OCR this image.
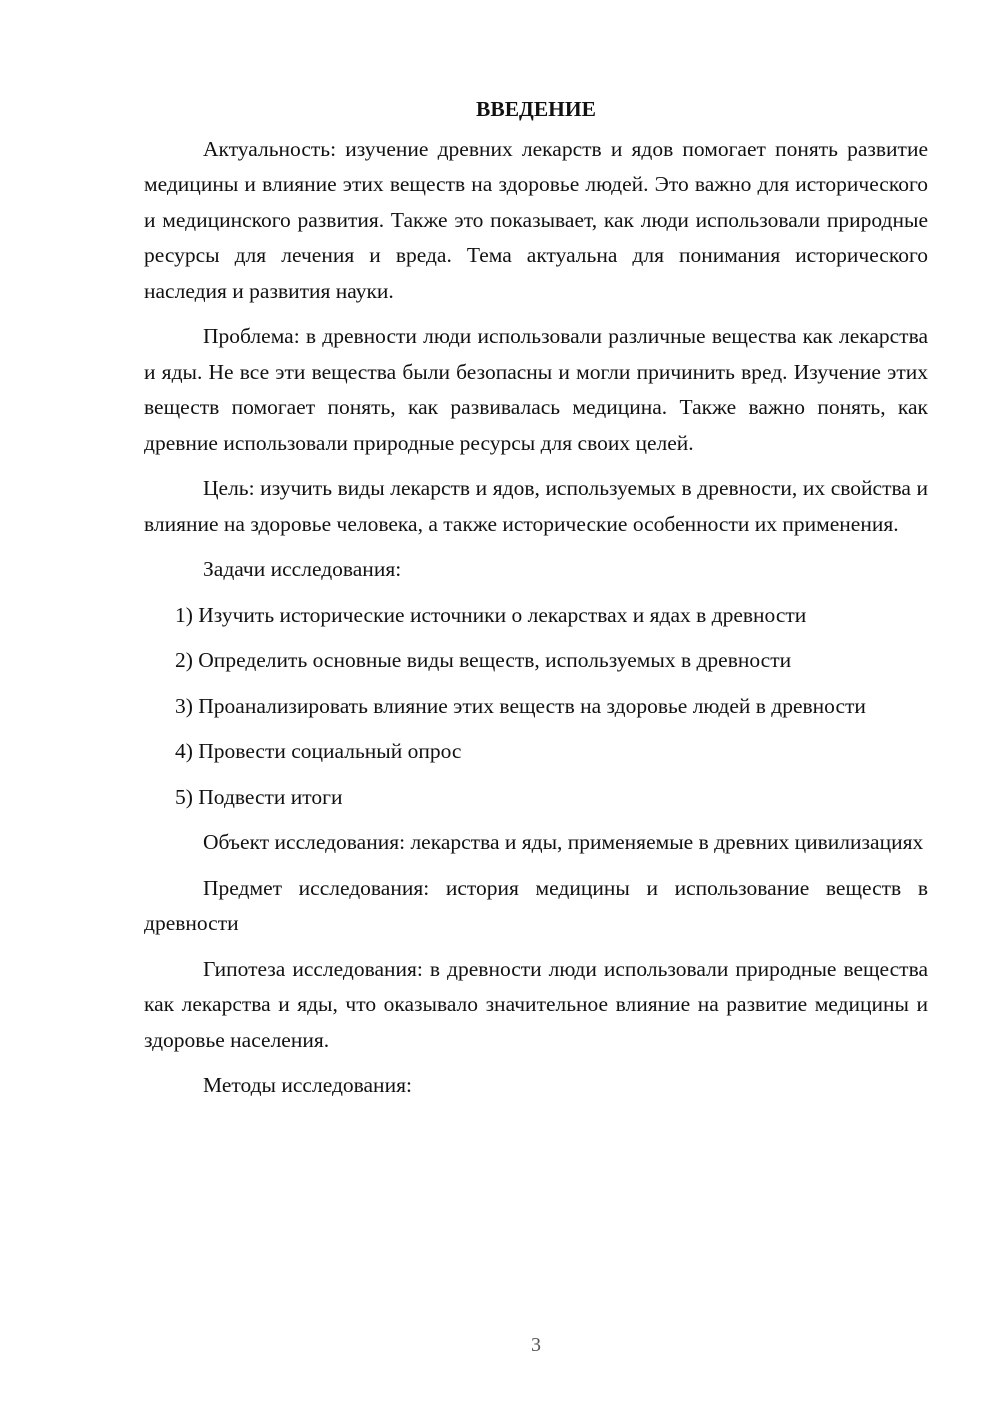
ВВЕДЕНИЕ

Актуальность: изучение древних лекарств и ядов помогает понять развитие медицины и влияние этих веществ на здоровье людей. Это важно для исторического и медицинского развития. Также это показывает, как люди использовали природные ресурсы для лечения и вреда. Тема актуальна для понимания исторического наследия и развития науки.

Проблема: в древности люди использовали различные вещества как лекарства и яды. Не все эти вещества были безопасны и могли причинить вред. Изучение этих веществ помогает понять, как развивалась медицина. Также важно понять, как древние использовали природные ресурсы для своих целей.

Цель: изучить виды лекарств и ядов, используемых в древности, их свойства и влияние на здоровье человека, а также исторические особенности их применения.

Задачи исследования:

1) Изучить исторические источники о лекарствах и ядах в древности

2) Определить основные виды веществ, используемых в древности

3) Проанализировать влияние этих веществ на здоровье людей в древности

4) Провести социальный опрос

5) Подвести итоги

Объект исследования: лекарства и яды, применяемые в древних цивилизациях

Предмет исследования: история медицины и использование веществ в древности

Гипотеза исследования: в древности люди использовали природные вещества как лекарства и яды, что оказывало значительное влияние на развитие медицины и здоровье населения.

Методы исследования:

3
